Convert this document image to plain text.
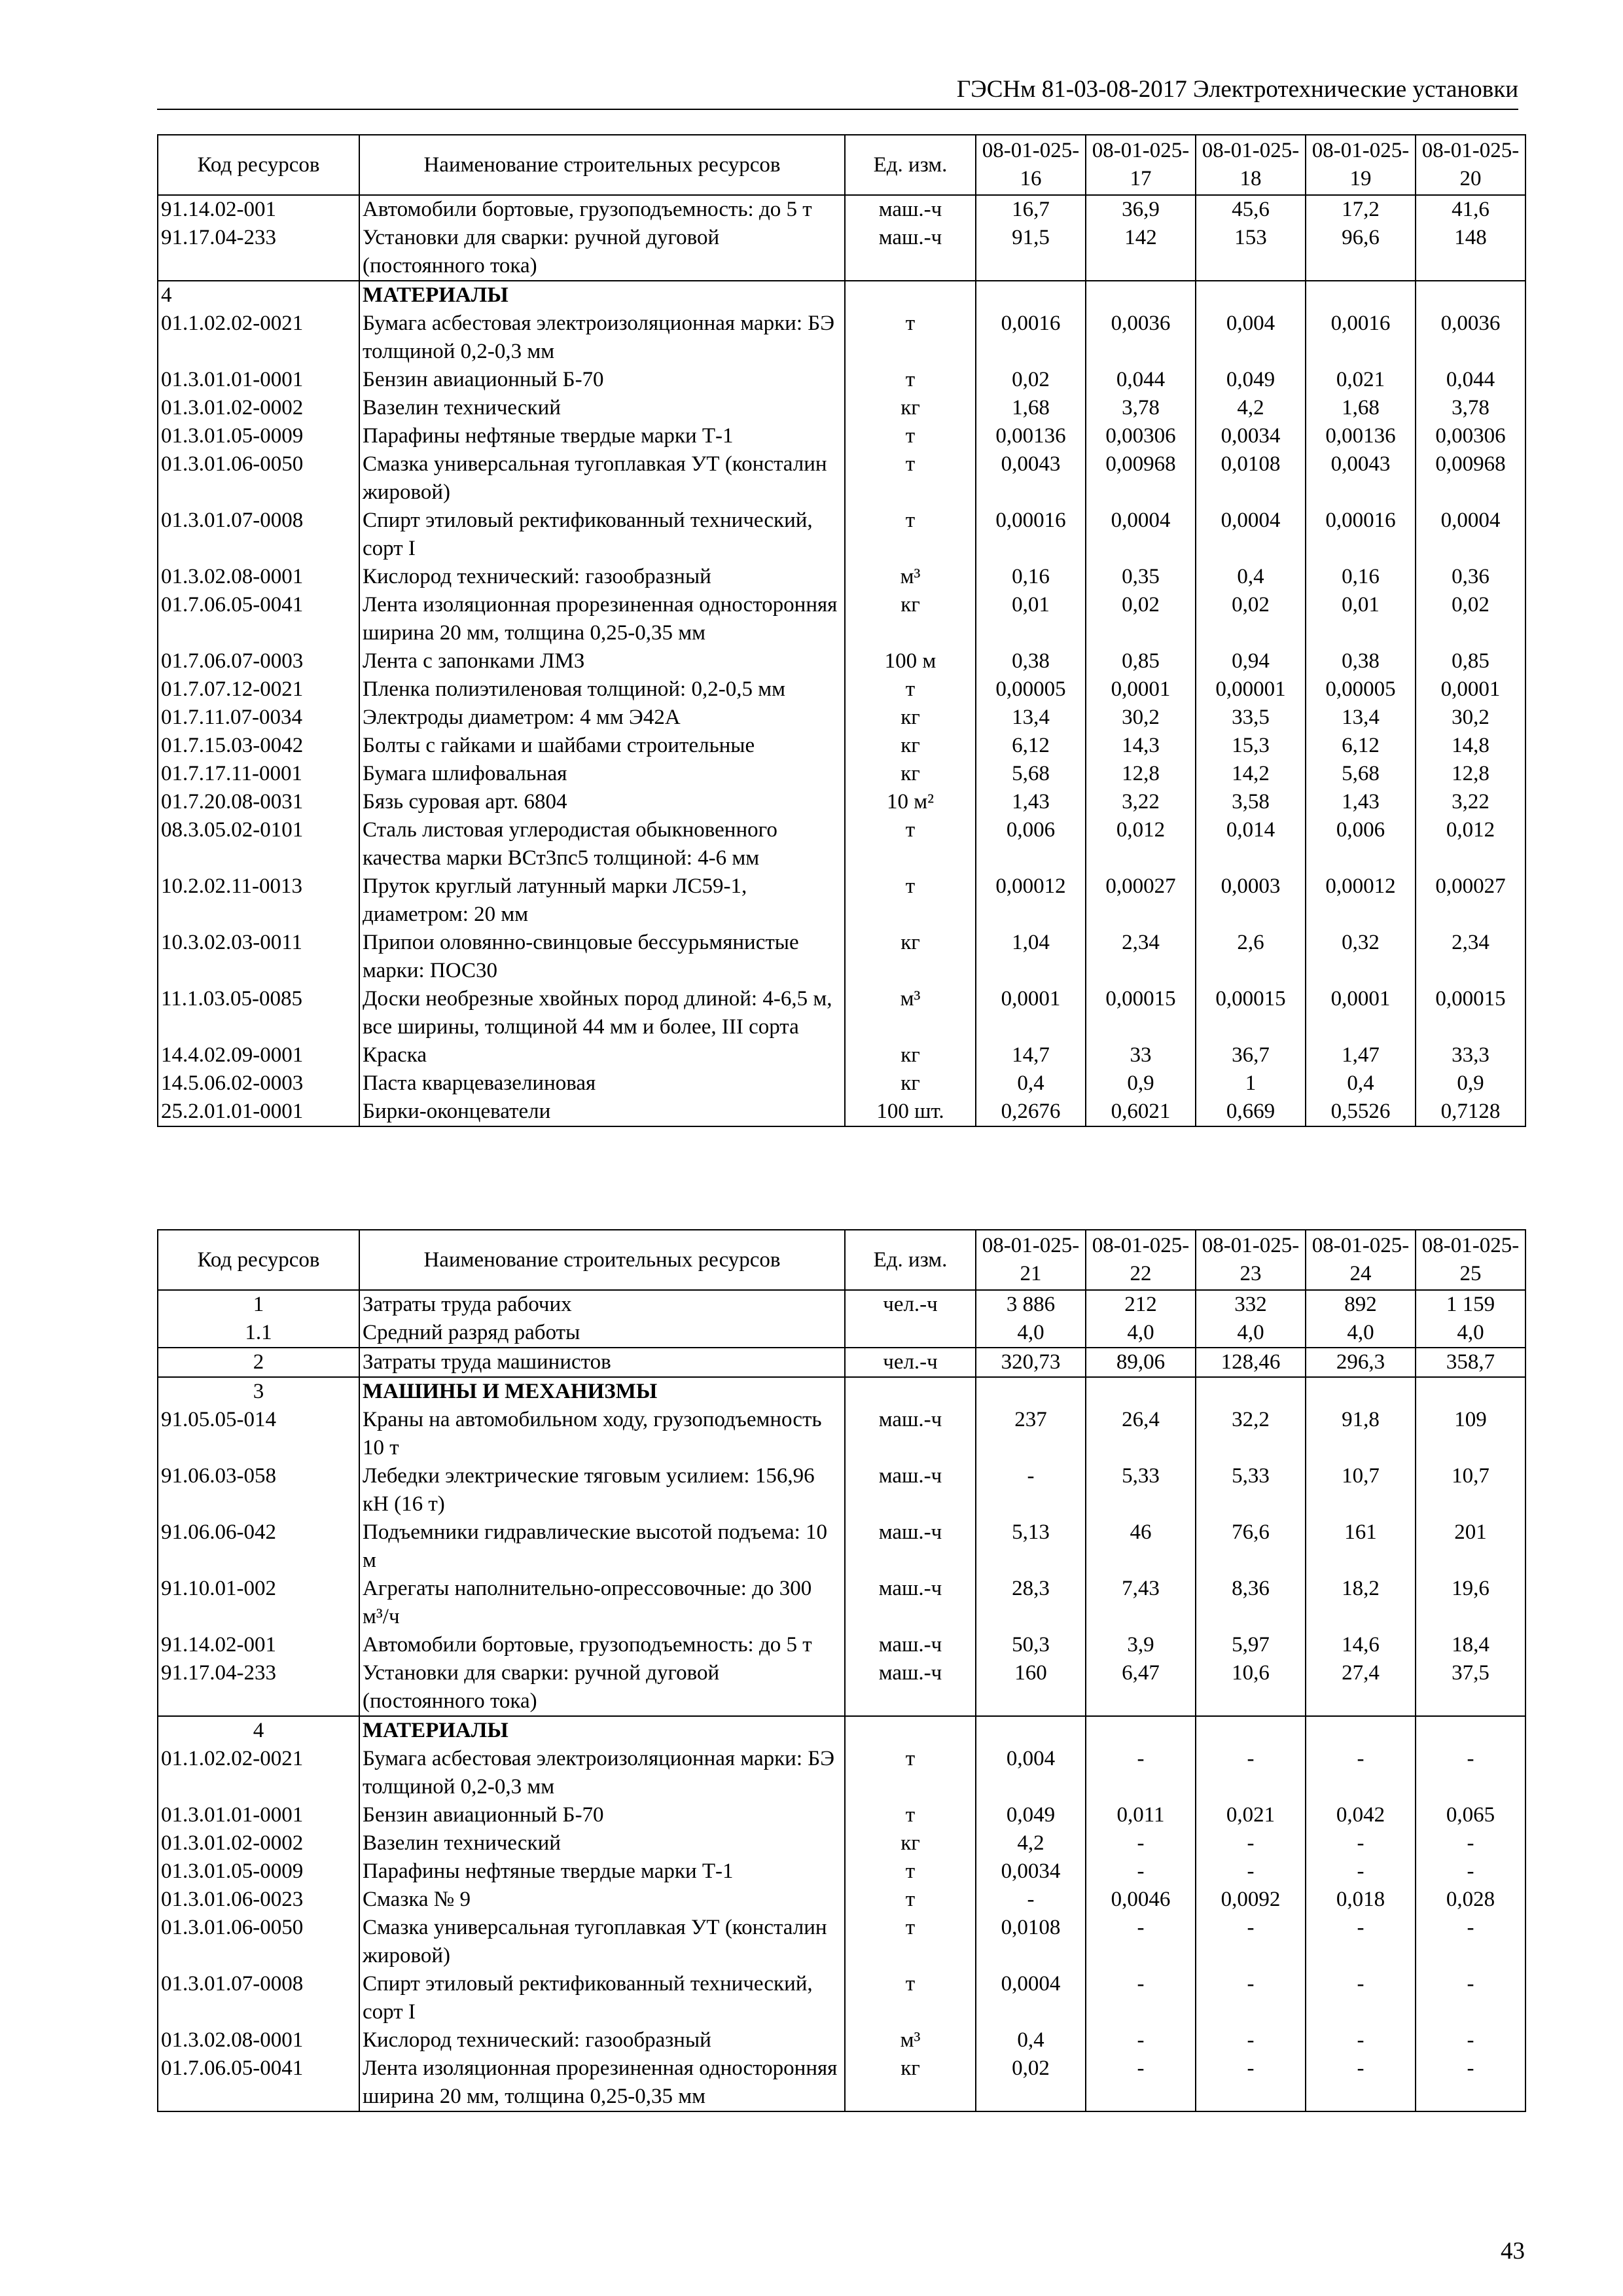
ГЭСНм 81-03-08-2017 Электротехнические установки
Код ресурсов	Наименование строительных ресурсов	Ед. изм.	08-01-025-16	08-01-025-17	08-01-025-18	08-01-025-19	08-01-025-20
91.14.02-001	Автомобили бортовые, грузоподъемность: до 5 т	маш.-ч	16,7	36,9	45,6	17,2	41,6
91.17.04-233	Установки для сварки: ручной дуговой (постоянного тока)	маш.-ч	91,5	142	153	96,6	148
4	МАТЕРИАЛЫ						
01.1.02.02-0021	Бумага асбестовая электроизоляционная марки: БЭ толщиной 0,2-0,3 мм	т	0,0016	0,0036	0,004	0,0016	0,0036
01.3.01.01-0001	Бензин авиационный Б-70	т	0,02	0,044	0,049	0,021	0,044
01.3.01.02-0002	Вазелин технический	кг	1,68	3,78	4,2	1,68	3,78
01.3.01.05-0009	Парафины нефтяные твердые марки Т-1	т	0,00136	0,00306	0,0034	0,00136	0,00306
01.3.01.06-0050	Смазка универсальная тугоплавкая УТ (консталин жировой)	т	0,0043	0,00968	0,0108	0,0043	0,00968
01.3.01.07-0008	Спирт этиловый ректификованный технический, сорт I	т	0,00016	0,0004	0,0004	0,00016	0,0004
01.3.02.08-0001	Кислород технический: газообразный	м³	0,16	0,35	0,4	0,16	0,36
01.7.06.05-0041	Лента изоляционная прорезиненная односторонняя ширина 20 мм, толщина 0,25-0,35 мм	кг	0,01	0,02	0,02	0,01	0,02
01.7.06.07-0003	Лента с запонками ЛМЗ	100 м	0,38	0,85	0,94	0,38	0,85
01.7.07.12-0021	Пленка полиэтиленовая толщиной: 0,2-0,5 мм	т	0,00005	0,0001	0,00001	0,00005	0,0001
01.7.11.07-0034	Электроды диаметром: 4 мм Э42А	кг	13,4	30,2	33,5	13,4	30,2
01.7.15.03-0042	Болты с гайками и шайбами строительные	кг	6,12	14,3	15,3	6,12	14,8
01.7.17.11-0001	Бумага шлифовальная	кг	5,68	12,8	14,2	5,68	12,8
01.7.20.08-0031	Бязь суровая арт. 6804	10 м²	1,43	3,22	3,58	1,43	3,22
08.3.05.02-0101	Сталь листовая углеродистая обыкновенного качества марки ВСт3пс5 толщиной: 4-6 мм	т	0,006	0,012	0,014	0,006	0,012
10.2.02.11-0013	Пруток круглый латунный марки ЛС59-1, диаметром: 20 мм	т	0,00012	0,00027	0,0003	0,00012	0,00027
10.3.02.03-0011	Припои оловянно-свинцовые бессурьмянистые марки: ПОС30	кг	1,04	2,34	2,6	0,32	2,34
11.1.03.05-0085	Доски необрезные хвойных пород длиной: 4-6,5 м, все ширины, толщиной 44 мм и более, III сорта	м³	0,0001	0,00015	0,00015	0,0001	0,00015
14.4.02.09-0001	Краска	кг	14,7	33	36,7	1,47	33,3
14.5.06.02-0003	Паста кварцевазелиновая	кг	0,4	0,9	1	0,4	0,9
25.2.01.01-0001	Бирки-оконцеватели	100 шт.	0,2676	0,6021	0,669	0,5526	0,7128
Код ресурсов	Наименование строительных ресурсов	Ед. изм.	08-01-025-21	08-01-025-22	08-01-025-23	08-01-025-24	08-01-025-25
1	Затраты труда рабочих	чел.-ч	3 886	212	332	892	1 159
1.1	Средний разряд работы		4,0	4,0	4,0	4,0	4,0
2	Затраты труда машинистов	чел.-ч	320,73	89,06	128,46	296,3	358,7
3	МАШИНЫ И МЕХАНИЗМЫ						
91.05.05-014	Краны на автомобильном ходу, грузоподъемность 10 т	маш.-ч	237	26,4	32,2	91,8	109
91.06.03-058	Лебедки электрические тяговым усилием: 156,96 кН (16 т)	маш.-ч	-	5,33	5,33	10,7	10,7
91.06.06-042	Подъемники гидравлические высотой подъема: 10 м	маш.-ч	5,13	46	76,6	161	201
91.10.01-002	Агрегаты наполнительно-опрессовочные: до 300 м³/ч	маш.-ч	28,3	7,43	8,36	18,2	19,6
91.14.02-001	Автомобили бортовые, грузоподъемность: до 5 т	маш.-ч	50,3	3,9	5,97	14,6	18,4
91.17.04-233	Установки для сварки: ручной дуговой (постоянного тока)	маш.-ч	160	6,47	10,6	27,4	37,5
4	МАТЕРИАЛЫ						
01.1.02.02-0021	Бумага асбестовая электроизоляционная марки: БЭ толщиной 0,2-0,3 мм	т	0,004	-	-	-	-
01.3.01.01-0001	Бензин авиационный Б-70	т	0,049	0,011	0,021	0,042	0,065
01.3.01.02-0002	Вазелин технический	кг	4,2	-	-	-	-
01.3.01.05-0009	Парафины нефтяные твердые марки Т-1	т	0,0034	-	-	-	-
01.3.01.06-0023	Смазка № 9	т	-	0,0046	0,0092	0,018	0,028
01.3.01.06-0050	Смазка универсальная тугоплавкая УТ (консталин жировой)	т	0,0108	-	-	-	-
01.3.01.07-0008	Спирт этиловый ректификованный технический, сорт I	т	0,0004	-	-	-	-
01.3.02.08-0001	Кислород технический: газообразный	м³	0,4	-	-	-	-
01.7.06.05-0041	Лента изоляционная прорезиненная односторонняя ширина 20 мм, толщина 0,25-0,35 мм	кг	0,02	-	-	-	-
43
